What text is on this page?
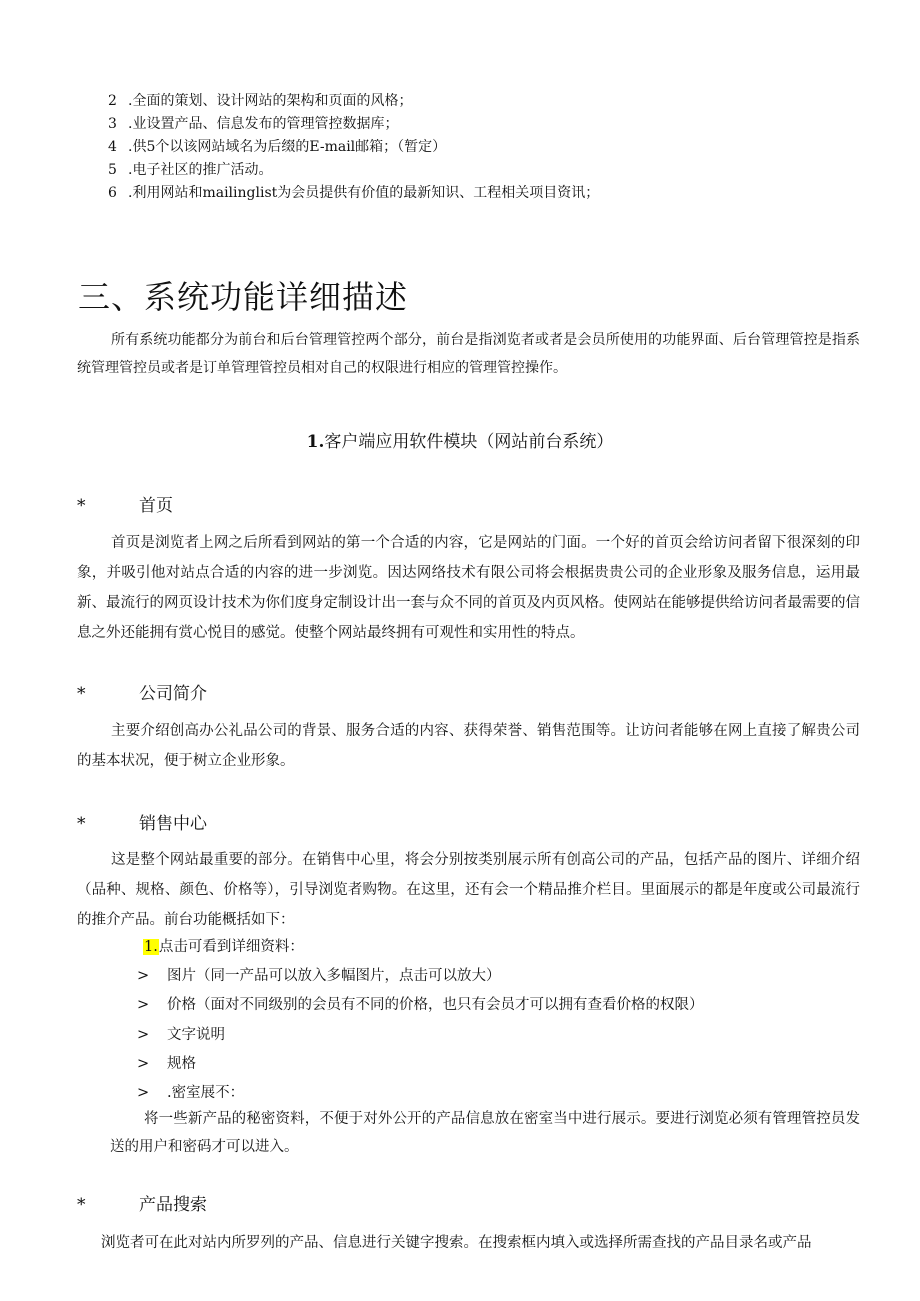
2 .全面的策划、设计网站的架构和页面的风格；
3 .业设置产品、信息发布的管理管控数据库；
4 .供5个以该网站域名为后缀的E-mail邮箱；（暂定）
5 .电子社区的推广活动。
6 .利用网站和mailinglist为会员提供有价值的最新知识、工程相关项目资讯；
三、系统功能详细描述
所有系统功能都分为前台和后台管理管控两个部分，前台是指浏览者或者是会员所使用的功能界面、后台管理管控是指系统管理管控员或者是订单管理管控员相对自己的权限进行相应的管理管控操作。
1.客户端应用软件模块（网站前台系统）
*	首页
首页是浏览者上网之后所看到网站的第一个合适的内容，它是网站的门面。一个好的首页会给访问者留下很深刻的印象，并吸引他对站点合适的内容的进一步浏览。因达网络技术有限公司将会根据贵贵公司的企业形象及服务信息，运用最新、最流行的网页设计技术为你们度身定制设计出一套与众不同的首页及内页风格。使网站在能够提供给访问者最需要的信息之外还能拥有赏心悦目的感觉。使整个网站最终拥有可观性和实用性的特点。
*	公司简介
主要介绍创高办公礼品公司的背景、服务合适的内容、获得荣誉、销售范围等。让访问者能够在网上直接了解贵公司的基本状况，便于树立企业形象。
*	销售中心
这是整个网站最重要的部分。在销售中心里，将会分别按类别展示所有创高公司的产品，包括产品的图片、详细介绍（品种、规格、颜色、价格等），引导浏览者购物。在这里，还有会一个精品推介栏目。里面展示的都是年度或公司最流行的推介产品。前台功能概括如下：
1.点击可看到详细资料：
> 图片（同一产品可以放入多幅图片，点击可以放大）
> 价格（面对不同级别的会员有不同的价格，也只有会员才可以拥有查看价格的权限）
> 文字说明
> 规格
> .密室展不：
将一些新产品的秘密资料，不便于对外公开的产品信息放在密室当中进行展示。要进行浏览必须有管理管控员发送的用户和密码才可以进入。
*	产品搜索
浏览者可在此对站内所罗列的产品、信息进行关键字搜索。在搜索框内填入或选择所需查找的产品目录名或产品
